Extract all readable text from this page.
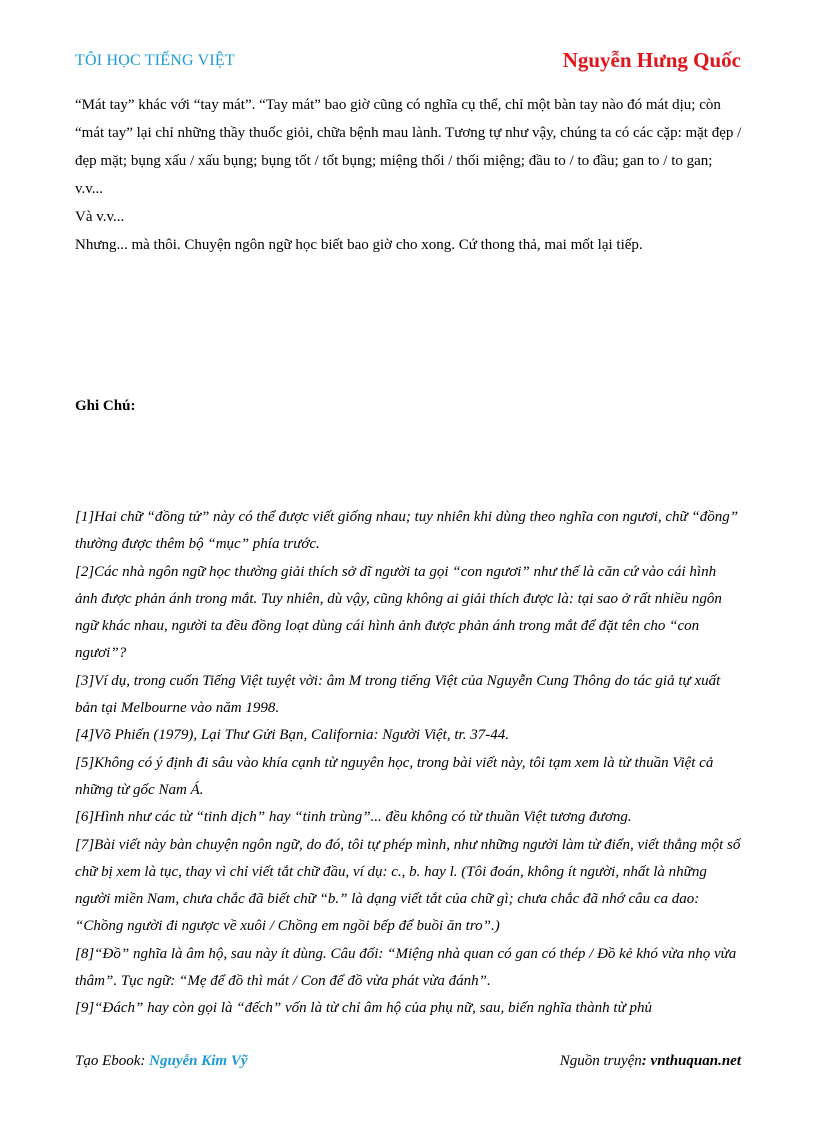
TÔI HỌC TIẾNG VIỆT	Nguyễn Hưng Quốc

“Mát tay” khác với “tay mát”. “Tay mát” bao giờ cũng có nghĩa cụ thể, chỉ một bàn tay nào đó mát dịu; còn “mát tay” lại chỉ những thầy thuốc giỏi, chữa bệnh mau lành. Tương tự như vậy, chúng ta có các cặp: mặt đẹp / đẹp mặt; bụng xấu / xấu bụng; bụng tốt / tốt bụng; miệng thối / thối miệng; đầu to / to đầu; gan to / to gan; v.v...

Và v.v...

Nhưng... mà thôi. Chuyện ngôn ngữ học biết bao giờ cho xong. Cứ thong thả, mai mốt lại tiếp.

Ghi Chú:

[1]Hai chữ “đồng tử” này có thể được viết giống nhau; tuy nhiên khi dùng theo nghĩa con ngươi, chữ “đồng” thường được thêm bộ “mục” phía trước.

[2]Các nhà ngôn ngữ học thường giải thích sở dĩ người ta gọi “con ngươi” như thế là căn cứ vào cái hình ảnh được phản ánh trong mắt. Tuy nhiên, dù vậy, cũng không ai giải thích được là: tại sao ở rất nhiều ngôn ngữ khác nhau, người ta đều đồng loạt dùng cái hình ảnh được phản ánh trong mắt để đặt tên cho “con ngươi”?

[3]Ví dụ, trong cuốn Tiếng Việt tuyệt vời: âm M trong tiếng Việt của Nguyễn Cung Thông do tác giả tự xuất bản tại Melbourne vào năm 1998.

[4]Võ Phiến (1979), Lại Thư Gửi Bạn, California: Người Việt, tr. 37-44.

[5]Không có ý định đi sâu vào khía cạnh từ nguyên học, trong bài viết này, tôi tạm xem là từ thuần Việt cả những từ gốc Nam Á.

[6]Hình như các từ “tinh dịch” hay “tinh trùng”... đều không có từ thuần Việt tương đương.

[7]Bài viết này bàn chuyện ngôn ngữ, do đó, tôi tự phép mình, như những người làm từ điển, viết thẳng một số chữ bị xem là tục, thay vì chỉ viết tắt chữ đầu, ví dụ: c., b. hay l. (Tôi đoán, không ít người, nhất là những người miền Nam, chưa chắc đã biết chữ “b.” là dạng viết tắt của chữ gì; chưa chắc đã nhớ câu ca dao: “Chồng người đi ngược về xuôi / Chồng em ngồi bếp để buồi ăn tro”.)

[8]“Đồ” nghĩa là âm hộ, sau này ít dùng. Câu đối: “Miệng nhà quan có gan có thép / Đồ kẻ khó vừa nhọ vừa thâm”. Tục ngữ: “Mẹ để đồ thì mát / Con để đồ vừa phát vừa đánh”.

[9]“Đách” hay còn gọi là “đếch” vốn là từ chỉ âm hộ của phụ nữ, sau, biến nghĩa thành từ phủ

Tạo Ebook: Nguyễn Kim Vỹ	Nguồn truyện: vnthuquan.net
